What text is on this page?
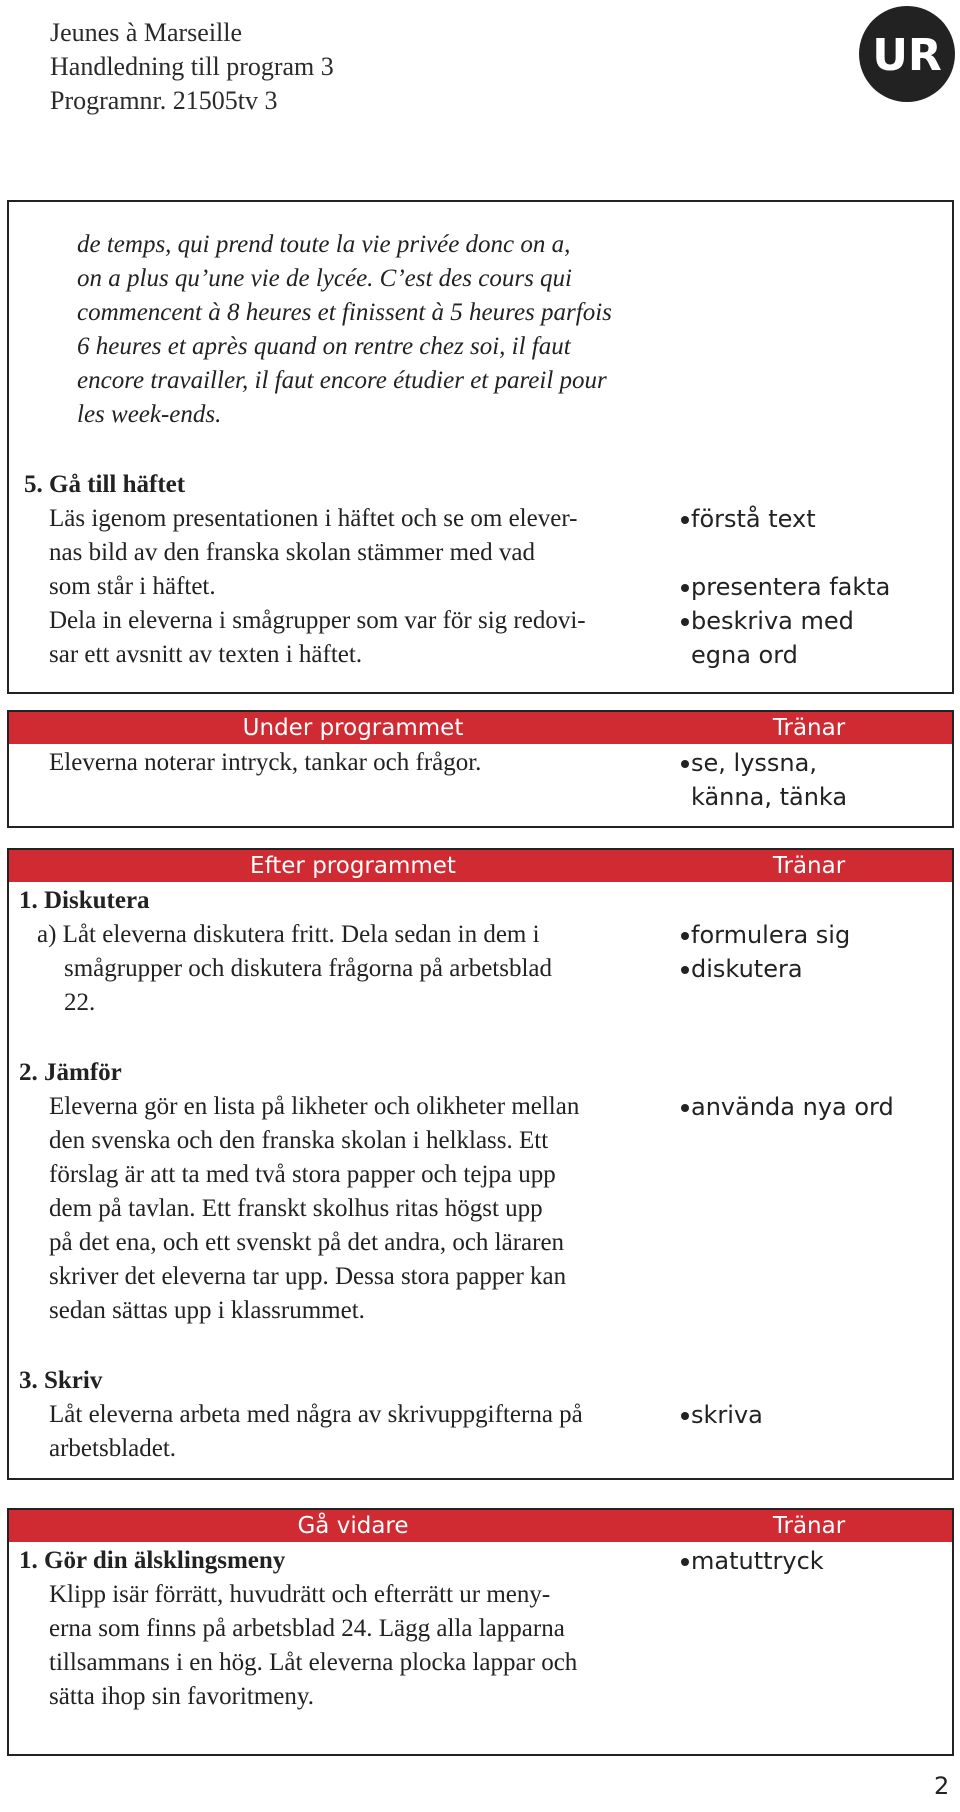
Jeunes à Marseille
Handledning till program 3
Programnr. 21505tv 3
UR
de temps, qui prend toute la vie privée donc on a,
on a plus qu’une vie de lycée. C’est des cours qui
commencent à 8 heures et finissent à 5 heures parfois
6 heures et après quand on rentre chez soi, il faut
encore travailler, il faut encore étudier et pareil pour
les week-ends.
5. Gå till häftet
Läs igenom presentationen i häftet och se om elever-
nas bild av den franska skolan stämmer med vad
som står i häftet.
Dela in eleverna i smågrupper som var för sig redovi-
sar ett avsnitt av texten i häftet.
förstå text
presentera fakta
beskriva med
egna ord
Under programmet	Tränar
Eleverna noterar intryck, tankar och frågor.	se, lyssna,
känna, tänka
Efter programmet	Tränar
1. Diskutera
a) Låt eleverna diskutera fritt. Dela sedan in dem i
smågrupper och diskutera frågorna på arbetsblad
22.
formulera sig
diskutera
2. Jämför
Eleverna gör en lista på likheter och olikheter mellan
den svenska och den franska skolan i helklass. Ett
förslag är att ta med två stora papper och tejpa upp
dem på tavlan. Ett franskt skolhus ritas högst upp
på det ena, och ett svenskt på det andra, och läraren
skriver det eleverna tar upp. Dessa stora papper kan
sedan sättas upp i klassrummet.
använda nya ord
3. Skriv
Låt eleverna arbeta med några av skrivuppgifterna på
arbetsbladet.
skriva
Gå vidare	Tränar
1. Gör din älsklingsmeny
Klipp isär förrätt, huvudrätt och efterrätt ur meny-
erna som finns på arbetsblad 24. Lägg alla lapparna
tillsammans i en hög. Låt eleverna plocka lappar och
sätta ihop sin favoritmeny.
matuttryck
2
